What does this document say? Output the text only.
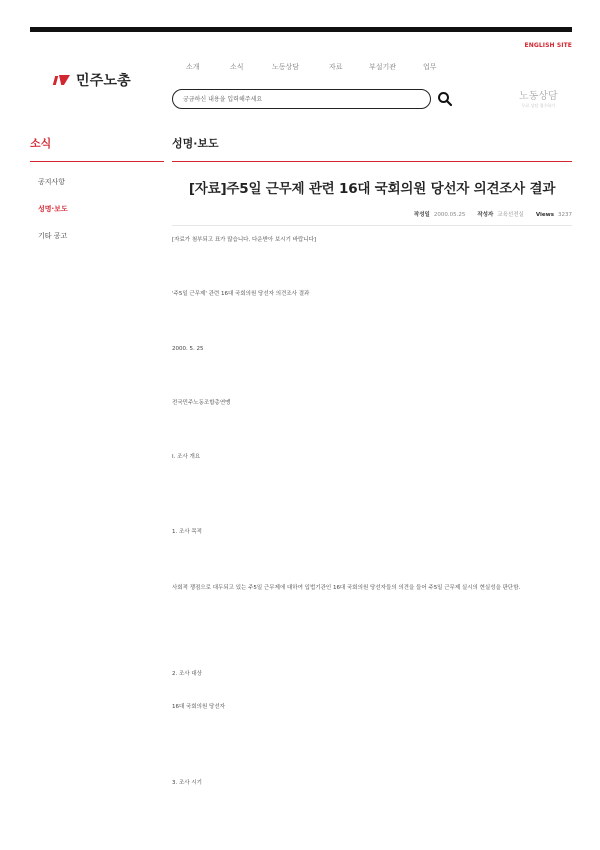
ENGLISH SITE
민주노총
소개	소식	노동상담	자료	부설기관	업무
궁금하신 내용을 입력해주세요
노동상담
무료 상담 접수하기
소식
공지사항
성명·보도
기타 공고
성명·보도
[자료]주5일 근무제 관련 16대 국회의원 당선자 의견조사 결과
작성일 2000.05.25 작성자 교육선전실 Views 3237

[자료가 첨부되고 표가 많습니다. 다운받아 보시기 바랍니다]

'주5일 근무제' 관련 16대 국회의원 당선자 의견조사 결과

2000. 5. 25

전국민주노동조합총연맹

I. 조사 개요

1. 조사 목적

사회적 쟁점으로 대두되고 있는 주5일 근무제에 대하여 입법기관인 16대 국회의원 당선자들의 의견을 들어 주5일 근무제 실시의 현실성을 판단함.

2. 조사 대상

16대 국회의원 당선자

3. 조사 시기
